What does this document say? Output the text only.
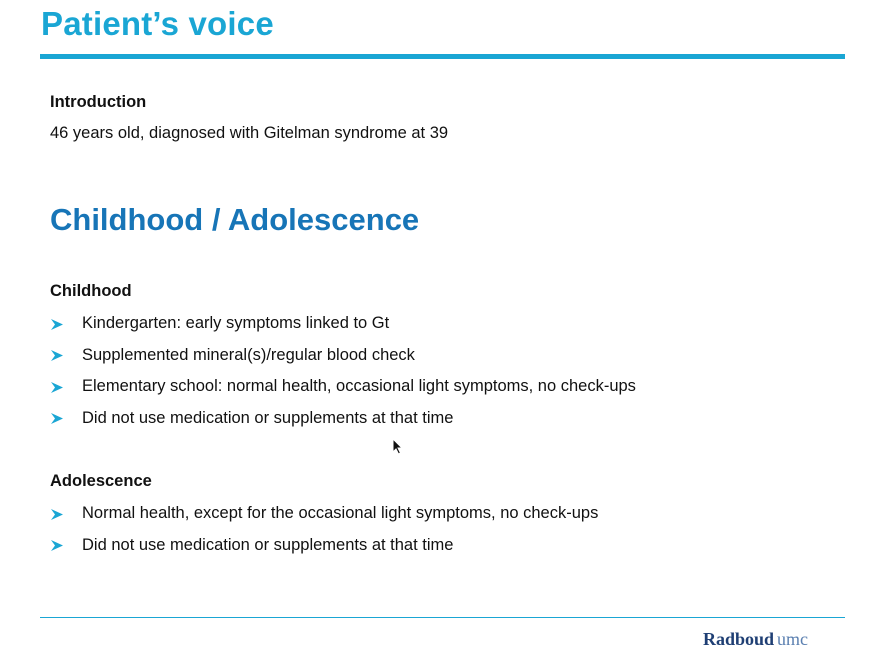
Patient’s voice
Introduction
46 years old, diagnosed with Gitelman syndrome at 39
Childhood / Adolescence
Childhood
Kindergarten: early symptoms linked to Gt
Supplemented mineral(s)/regular blood check
Elementary school: normal health, occasional light symptoms, no check-ups
Did not use medication or supplements at that time
Adolescence
Normal health, except for the occasional light symptoms, no check-ups
Did not use medication or supplements at that time
Radboud umc
